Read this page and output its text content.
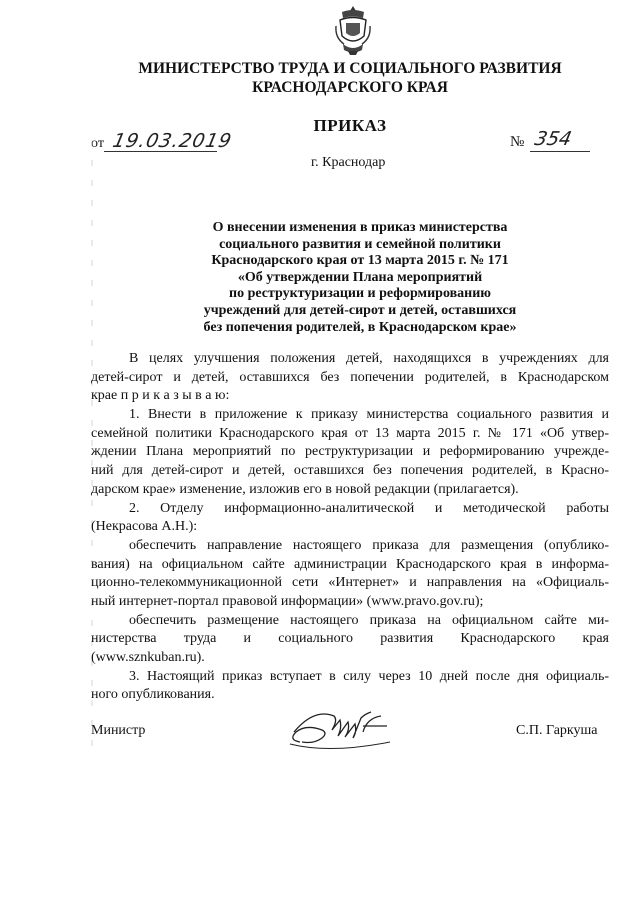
МИНИСТЕРСТВО ТРУДА И СОЦИАЛЬНОГО РАЗВИТИЯ
КРАСНОДАРСКОГО КРАЯ
ПРИКАЗ
от 19.03.2019	№ 354
г. Краснодар
О внесении изменения в приказ министерства
социального развития и семейной политики
Краснодарского края от 13 марта 2015 г. № 171
«Об утверждении Плана мероприятий
по реструктуризации и реформированию
учреждений для детей-сирот и детей, оставшихся
без попечения родителей, в Краснодарском крае»
В целях улучшения положения детей, находящихся в учреждениях для
детей-сирот и детей, оставшихся без попечении родителей, в Краснодарском
крае п р и к а з ы в а ю:
1. Внести в приложение к приказу министерства социального развития и
семейной политики Краснодарского края от 13 марта 2015 г. № 171 «Об утвер-
ждении Плана мероприятий по реструктуризации и реформированию учрежде-
ний для детей-сирот и детей, оставшихся без попечения родителей, в Красно-
дарском крае» изменение, изложив его в новой редакции (прилагается).
2. Отделу информационно-аналитической и методической работы
(Некрасова А.Н.):
обеспечить направление настоящего приказа для размещения (опублико-
вания) на официальном сайте администрации Краснодарского края в информа-
ционно-телекоммуникационной сети «Интернет» и направления на «Официаль-
ный интернет-портал правовой информации» (www.pravo.gov.ru);
обеспечить размещение настоящего приказа на официальном сайте ми-
нистерства труда и социального развития Краснодарского края
(www.sznkuban.ru).
3. Настоящий приказ вступает в силу через 10 дней после дня официаль-
ного опубликования.
Министр	С.П. Гаркуша
